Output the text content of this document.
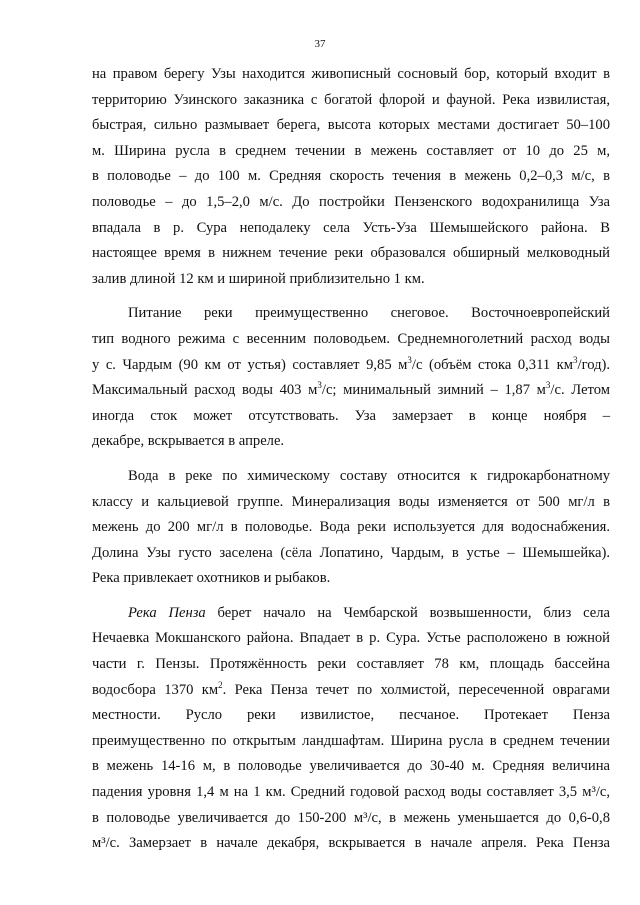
37
на правом берегу Узы находится живописный сосновый бор, который входит в
территорию Узинского заказника с богатой флорой и фауной. Река извилистая,
быстрая, сильно размывает берега, высота которых местами достигает 50–100
м. Ширина русла в среднем течении в межень составляет от 10 до 25 м,
в половодье – до 100 м. Средняя скорость течения в межень 0,2–0,3 м/с, в
половодье – до 1,5–2,0 м/с. До постройки Пензенского водохранилища Уза
впадала в р. Сура неподалеку села Усть-Уза Шемышейского района. В
настоящее время в нижнем течение реки образовался обширный мелководный
залив длиной 12 км и шириной приблизительно 1 км.
Питание реки преимущественно снеговое. Восточноевропейский
тип водного режима с весенним половодьем. Среднемноголетний расход воды
у с. Чардым (90 км от устья) составляет 9,85 $м^3/с$ (объём стока 0,311 $км^3/год$).
Максимальный расход воды 403 $м^3/с$; минимальный зимний – 1,87 $м^3/с$. Летом
иногда сток может отсутствовать. Уза замерзает в конце ноября –
декабре, вскрывается в апреле.
Вода в реке по химическому составу относится к гидрокарбонатному
классу и кальциевой группе. Минерализация воды изменяется от 500 мг/л в
межень до 200 мг/л в половодье. Вода реки используется для водоснабжения.
Долина Узы густо заселена (сёла Лопатино, Чардым, в устье – Шемышейка).
Река привлекает охотников и рыбаков.
Река Пенза берет начало на Чембарской возвышенности, близ села
Нечаевка Мокшанского района. Впадает в р. Сура. Устье расположено в южной
части г. Пензы. Протяжённость реки составляет 78 км, площадь бассейна
водосбора 1370 $км^2$. Река Пенза течет по холмистой, пересеченной оврагами
местности. Русло реки извилистое, песчаное. Протекает Пенза
преимущественно по открытым ландшафтам. Ширина русла в среднем течении
в межень 14-16 м, в половодье увеличивается до 30-40 м. Средняя величина
падения уровня 1,4 м на 1 км. Средний годовой расход воды составляет 3,5 м³/с,
в половодье увеличивается до 150-200 м³/с, в межень уменьшается до 0,6-0,8
м³/с. Замерзает в начале декабря, вскрывается в начале апреля. Река Пенза
